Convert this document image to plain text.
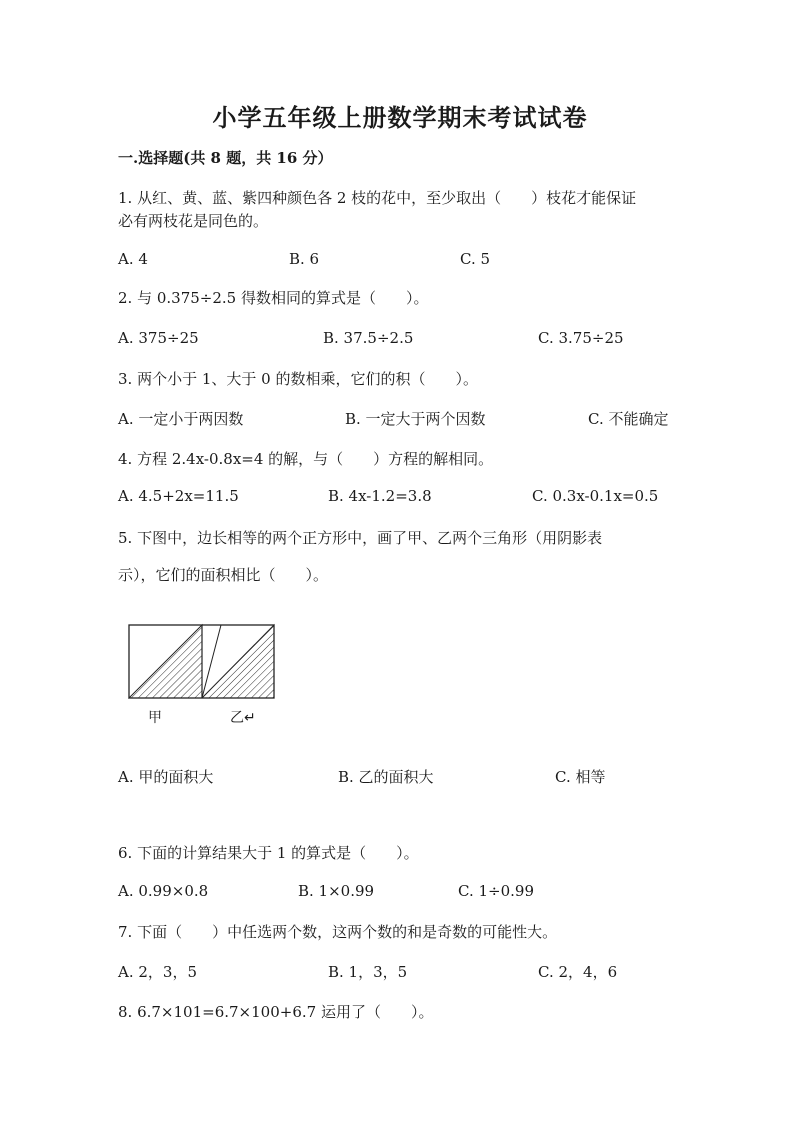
小学五年级上册数学期末考试试卷
一.选择题(共 8 题，共 16 分）
1. 从红、黄、蓝、紫四种颜色各 2 枝的花中，至少取出（　　）枝花才能保证
必有两枝花是同色的。
A. 4	B. 6	C. 5
2. 与 0.375÷2.5 得数相同的算式是（　　）。
A. 375÷25	B. 37.5÷2.5	C. 3.75÷25
3. 两个小于 1、大于 0 的数相乘，它们的积（　　）。
A. 一定小于两因数	B. 一定大于两个因数	C. 不能确定
4. 方程 2.4x-0.8x=4 的解，与（　　）方程的解相同。
A. 4.5+2x=11.5	B. 4x-1.2=3.8	C. 0.3x-0.1x=0.5
5. 下图中，边长相等的两个正方形中，画了甲、乙两个三角形（用阴影表
示），它们的面积相比（　　）。
甲	乙↵
A. 甲的面积大	B. 乙的面积大	C. 相等
6. 下面的计算结果大于 1 的算式是（　　）。
A. 0.99×0.8	B. 1×0.99	C. 1÷0.99
7. 下面（　　）中任选两个数，这两个数的和是奇数的可能性大。
A. 2，3，5	B. 1，3，5	C. 2，4，6
8. 6.7×101=6.7×100+6.7 运用了（　　）。
